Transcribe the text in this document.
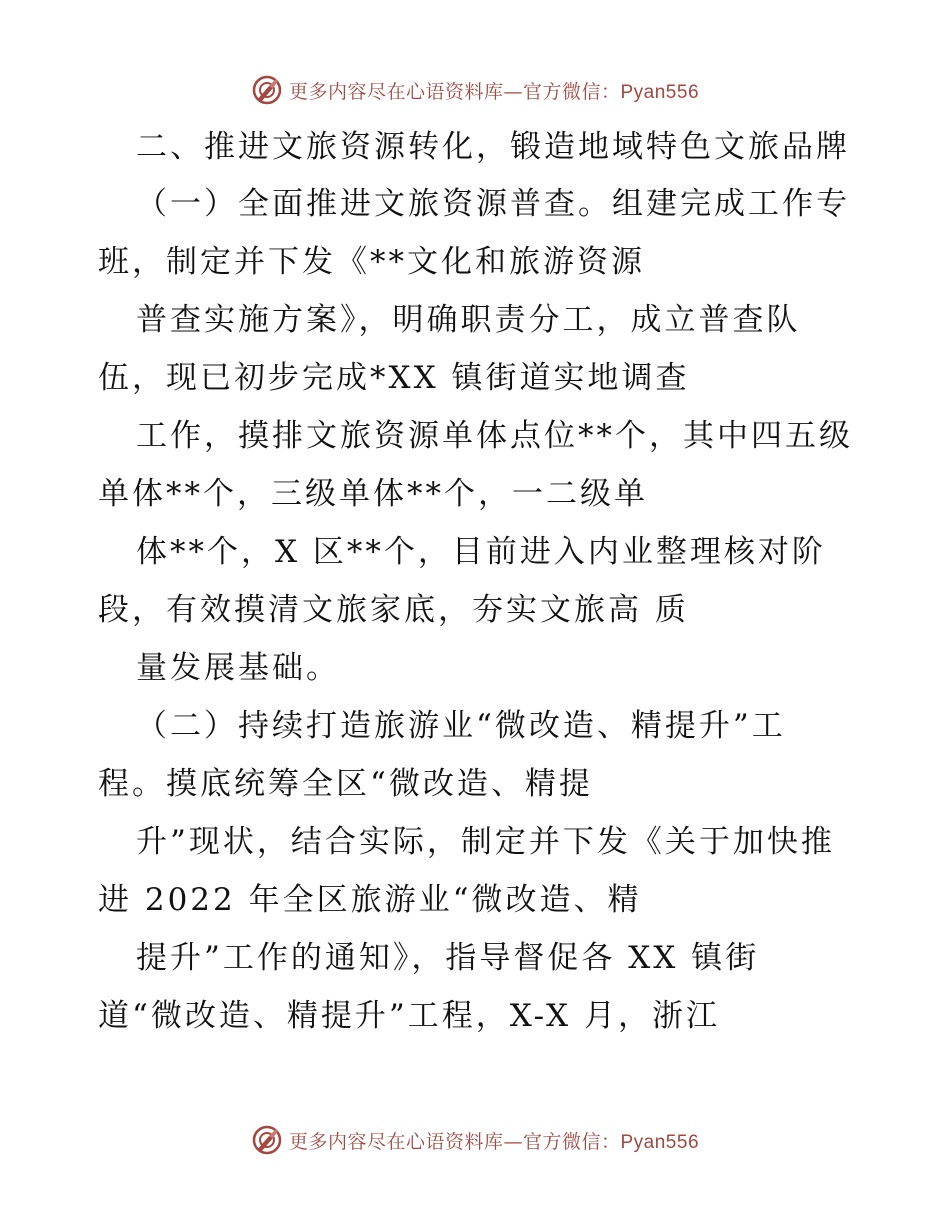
更多内容尽在心语资料库—官方微信：Pyan556
二、推进文旅资源转化，锻造地域特色文旅品牌
（一）全面推进文旅资源普查。组建完成工作专
班，制定并下发《**文化和旅游资源
普查实施方案》，明确职责分工，成立普查队
伍，现已初步完成*XX 镇街道实地调查
工作，摸排文旅资源单体点位**个，其中四五级
单体**个，三级单体**个，一二级单
体**个，X 区**个，目前进入内业整理核对阶
段，有效摸清文旅家底，夯实文旅高 质
量发展基础。
（二）持续打造旅游业“微改造、精提升”工
程。摸底统筹全区“微改造、精提
升”现状，结合实际，制定并下发《关于加快推
进 2022 年全区旅游业“微改造、精
提升”工作的通知》，指导督促各 XX 镇街
道“微改造、精提升”工程，X-X 月，浙江
更多内容尽在心语资料库—官方微信：Pyan556
